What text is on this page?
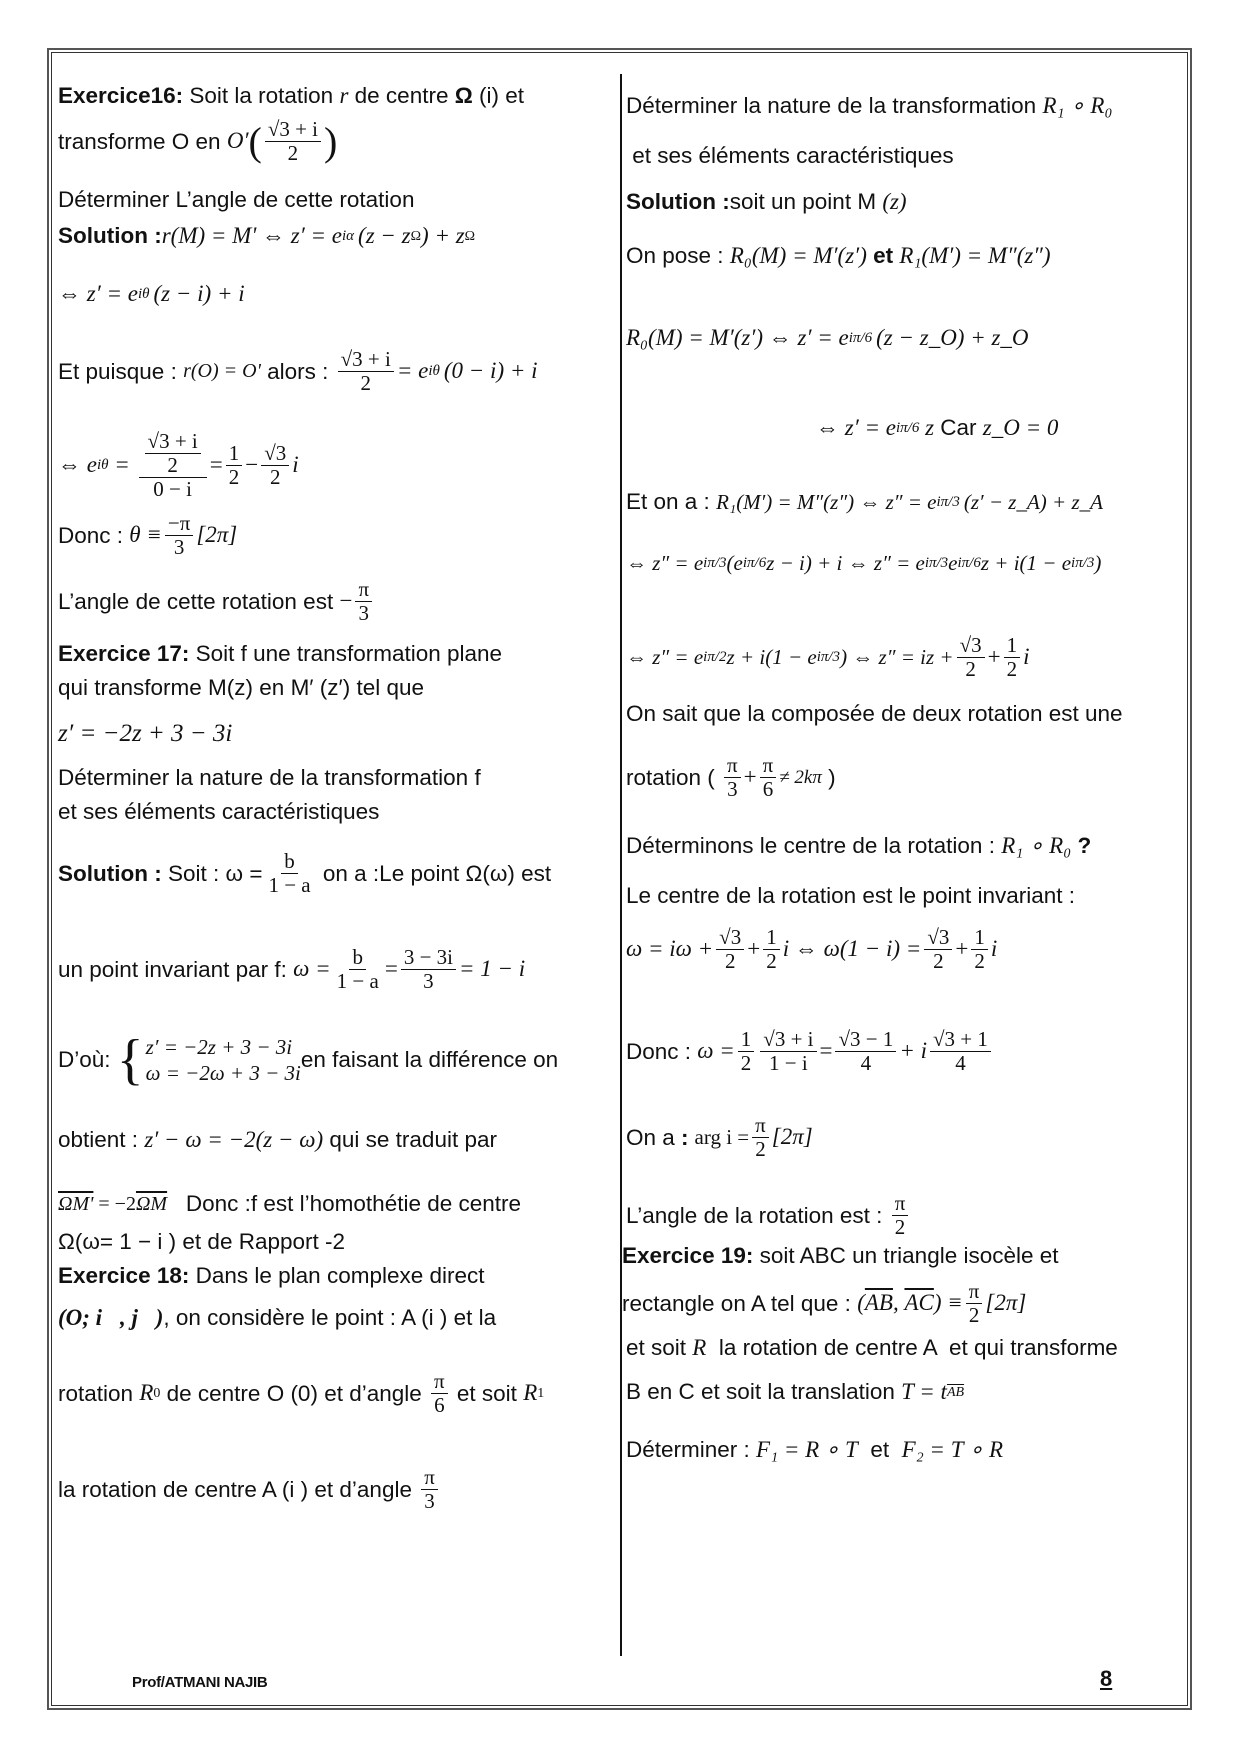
Exercice16: Soit la rotation r de centre Ω (i) et
transforme O en O′ ( $\frac{√3 + i}{2}$ )
Déterminer L’angle de cette rotation
Solution : r(M) = M' ⇔ z′ = e iα (z − z Ω ) + z Ω
⇔ z′ = e iθ (z − i) + i
Et puisque : r(O) = O' alors : $\frac{√3 + i}{2} = e$ iθ (0 − i) + i
⇔ e $i\theta = \frac{\frac{√3 + i}{2}}{0 - i} = \frac{1}{2} - \frac{√3}{2}$ i
Donc : $\theta \equiv \frac{-\pi}{3} [2\pi]$
L’angle de cette rotation est − $\frac{\pi}{3}$
Exercice 17: Soit f une transformation plane
qui transforme M(z) en M′ (z′) tel que
z′ = −2z + 3 − 3i
Déterminer la nature de la transformation f
et ses éléments caractéristiques
Solution : Soit : $\omega = \frac{b}{1 - a}$ on a :Le point Ω(ω) est
un point invariant par f: $\omega = \frac{b}{1 - a} = \frac{3 - 3i}{3} = 1 - i$
D’où: { z′ = −2z + 3 − 3i
ω = −2ω + 3 − 3i
en faisant la différence on
obtient : z′ − ω = −2(z − ω) qui se traduit par
ΩM' = −2 $\overline{\Omega M}$ Donc :f est l’homothétie de centre
Ω(ω= 1 − i ) et de Rapport -2
Exercice 18: Dans le plan complexe direct
(O; i⃗, j⃗) , on considère le point : A (i ) et la
rotation R 0 de centre O (0) et d’angle $\frac{\pi}{6}$ et soit R 1
la rotation de centre A (i ) et d’angle $\frac{\pi}{3}$
Déterminer la nature de la transformation R₁ ∘ R₀
et ses éléments caractéristiques
Solution : soit un point M (z)
On pose : R₀(M) = M′(z′) et R₁(M′) = M″(z″)
R₀(M) = M′(z′) ⇔ z′ = e iπ/6 (z − z_O) + z_O
⇔ z′ = e iπ/6 z Car z_O = 0
Et on a : R₁(M′) = M″(z″) ⇔ z″ = e iπ/3 (z′ − z_A) + z_A
⇔ z″ = e iπ/3 (e iπ/6 z − i) + i ⇔ z″ = e iπ/3 e iπ/6 z + i(1 − e iπ/3 )
⇔ z″ = e iπ/2 z + i(1 − e iπ/3 ) ⇔ z″ = iz + $\frac{√3}{2} + \frac{1}{2}$ i
On sait que la composée de deux rotation est une
rotation ( $\frac{\pi}{3} + \frac{\pi}{6} \ne 2k\pi$ )
Déterminons le centre de la rotation : R₁ ∘ R₀ ?
Le centre de la rotation est le point invariant :
$\omega = i\omega + \frac{√3}{2} + \frac{1}{2}$ i ⇔ $\omega(1 - i) = \frac{√3}{2} + \frac{1}{2}$ i
Donc : $\omega = \frac{1}{2} \frac{√3 + i}{1 - i} = \frac{√3 - 1}{4} + i \frac{√3 + 1}{4}$
On a : arg $i = \frac{\pi}{2} [2\pi]$
L’angle de la rotation est : $\frac{\pi}{2}$
Exercice 19: soit ABC un triangle isocèle et
rectangle on A tel que : ( $\overline{AB}$ , $\overline{AC}$ ) ≡ $\frac{\pi}{2} [2\pi]$
et soit R la rotation de centre A  et qui transforme
B en C et soit la translation T = t $\overline{AB}$
Déterminer : F₁ = R ∘ T et F₂ = T ∘ R
Prof/ATMANI NAJIB	8
